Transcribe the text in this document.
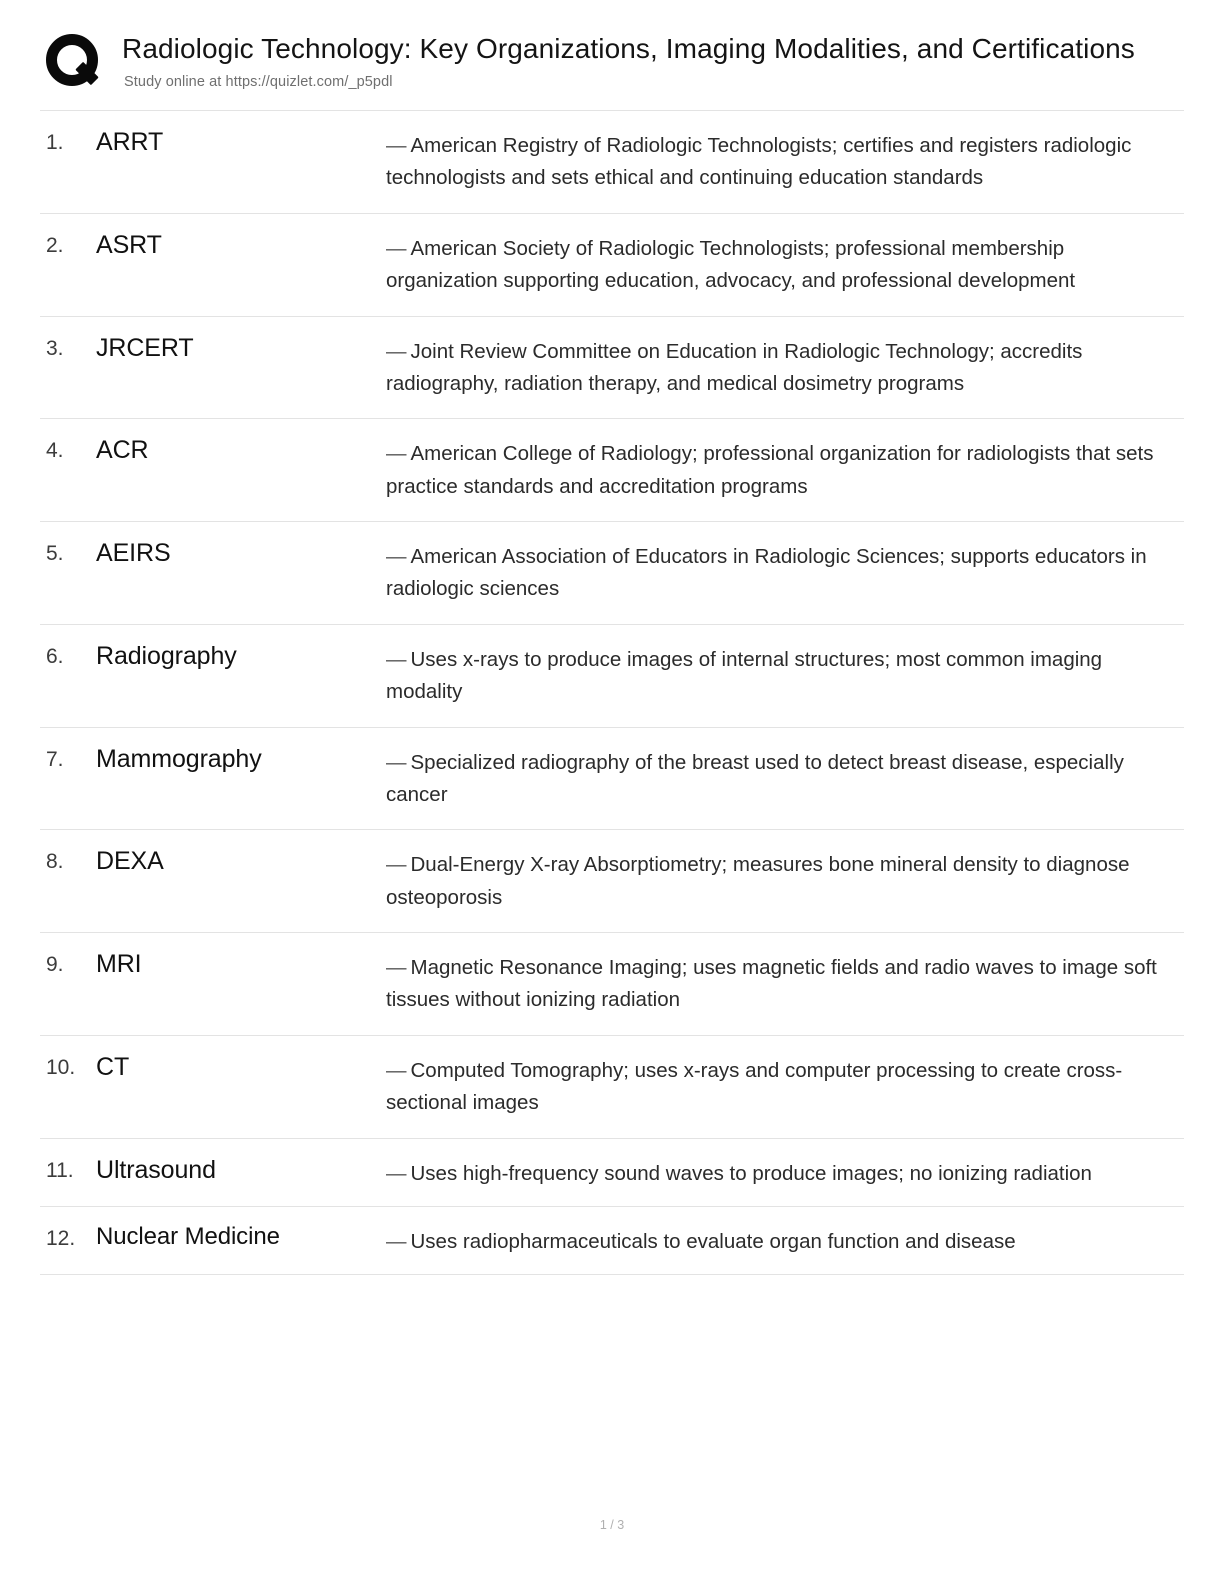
Radiologic Technology: Key Organizations, Imaging Modalities, and Certifications
Study online at https://quizlet.com/_p5pdl
1.	ARRT	— American Registry of Radiologic Technologists; certifies and registers radiologic technologists and sets ethical and continuing education standards
2.	ASRT	— American Society of Radiologic Technologists; professional membership organization supporting education, advocacy, and professional development
3.	JRCERT	— Joint Review Committee on Education in Radiologic Technology; accredits radiography, radiation therapy, and medical dosimetry programs
4.	ACR	— American College of Radiology; professional organization for radiologists that sets practice standards and accreditation programs
5.	AEIRS	— American Association of Educators in Radiologic Sciences; supports educators in radiologic sciences
6.	Radiography	— Uses x-rays to produce images of internal structures; most common imaging modality
7.	Mammography	— Specialized radiography of the breast used to detect breast disease, especially cancer
8.	DEXA	— Dual-Energy X-ray Absorptiometry; measures bone mineral density to diagnose osteoporosis
9.	MRI	— Magnetic Resonance Imaging; uses magnetic fields and radio waves to image soft tissues without ionizing radiation
10. CT	— Computed Tomography; uses x-rays and computer processing to create cross-sectional images
11. Ultrasound	— Uses high-frequency sound waves to produce images; no ionizing radiation
12. Nuclear Medicine	— Uses radiopharmaceuticals to evaluate organ function and disease
1 / 3
